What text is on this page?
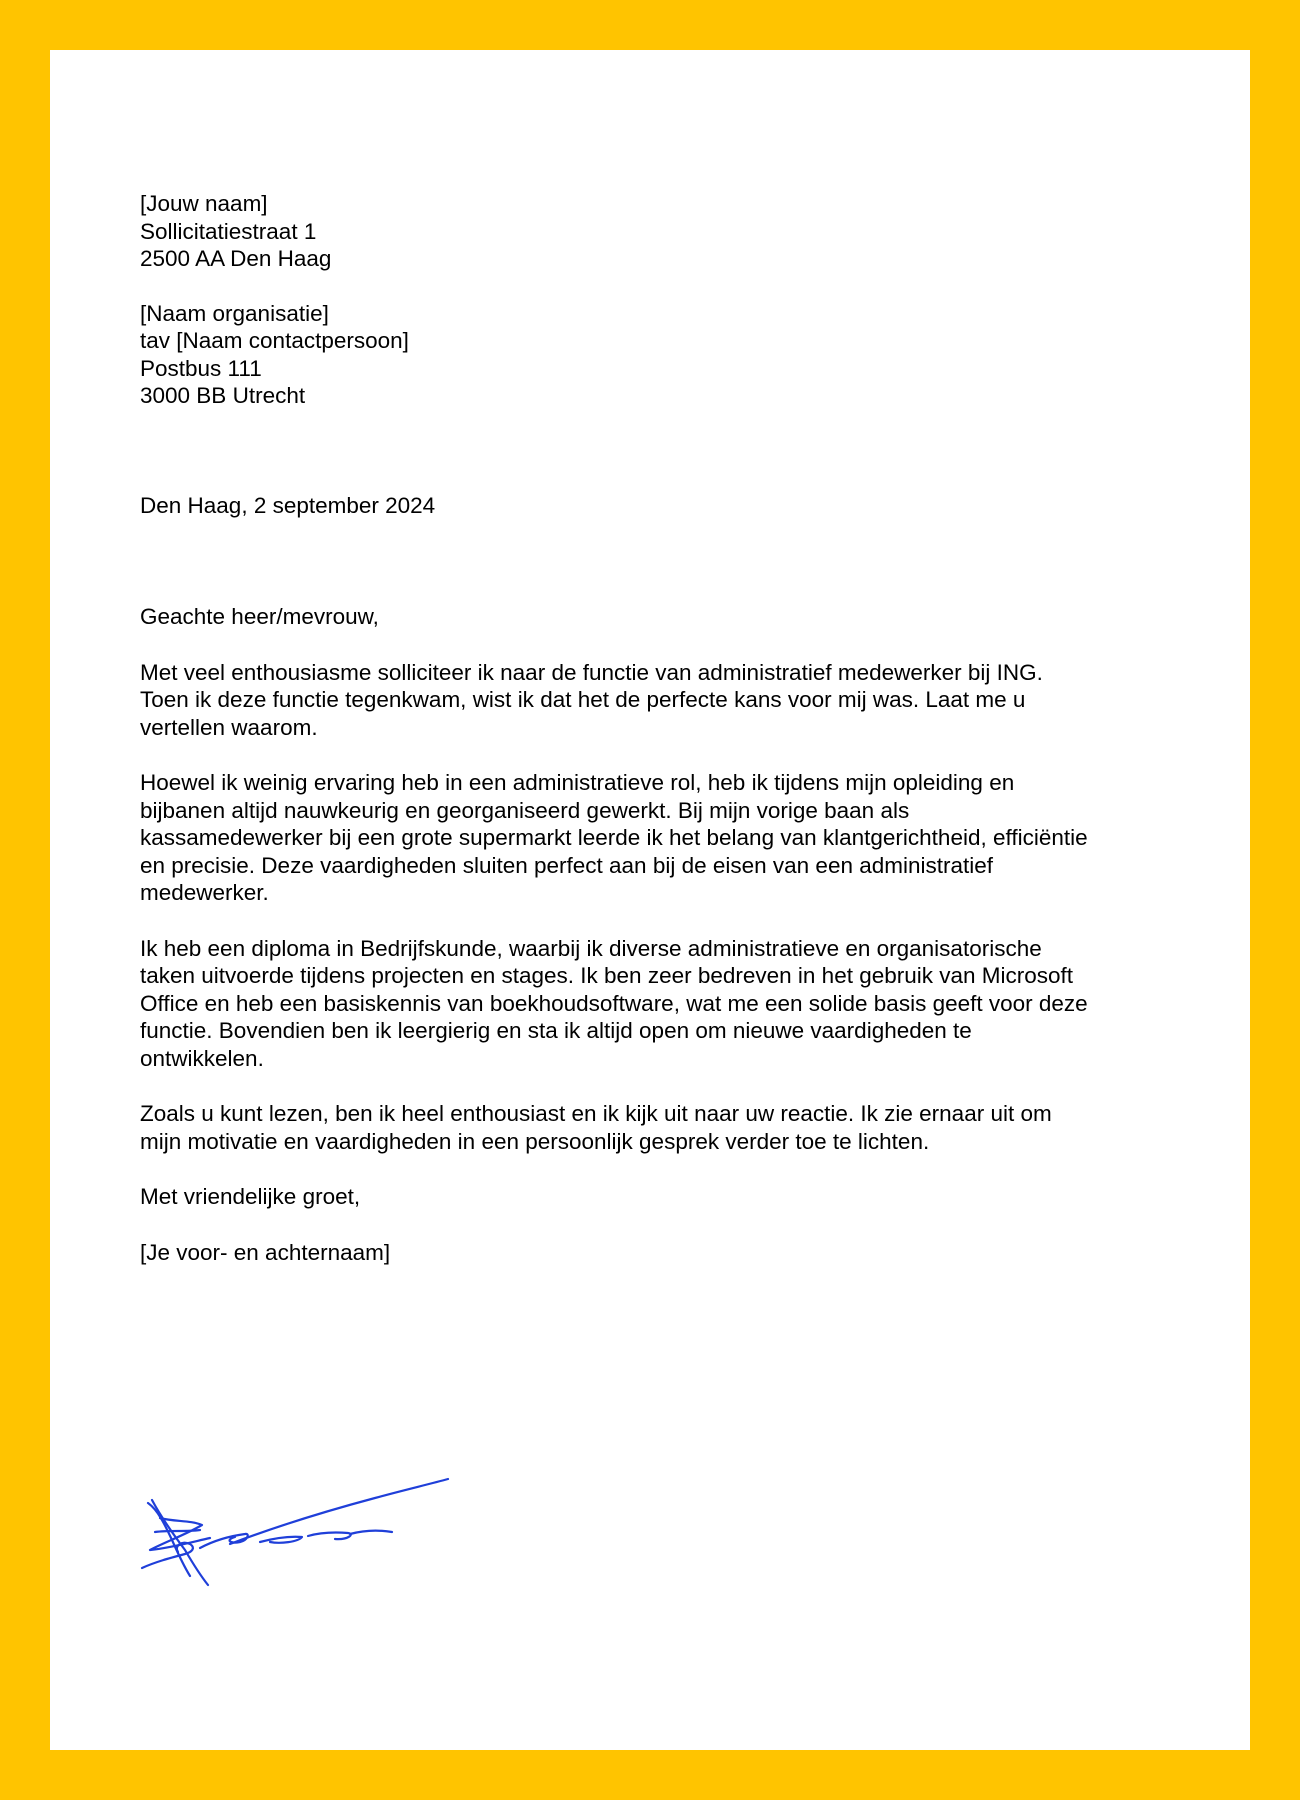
[Jouw naam]
Sollicitatiestraat 1
2500 AA Den Haag
[Naam organisatie]
tav [Naam contactpersoon]
Postbus 111
3000 BB Utrecht

Den Haag, 2 september 2024

Geachte heer/mevrouw,

Met veel enthousiasme solliciteer ik naar de functie van administratief medewerker bij ING.
Toen ik deze functie tegenkwam, wist ik dat het de perfecte kans voor mij was. Laat me u
vertellen waarom.

Hoewel ik weinig ervaring heb in een administratieve rol, heb ik tijdens mijn opleiding en
bijbanen altijd nauwkeurig en georganiseerd gewerkt. Bij mijn vorige baan als
kassamedewerker bij een grote supermarkt leerde ik het belang van klantgerichtheid, efficiëntie
en precisie. Deze vaardigheden sluiten perfect aan bij de eisen van een administratief
medewerker.

Ik heb een diploma in Bedrijfskunde, waarbij ik diverse administratieve en organisatorische
taken uitvoerde tijdens projecten en stages. Ik ben zeer bedreven in het gebruik van Microsoft
Office en heb een basiskennis van boekhoudsoftware, wat me een solide basis geeft voor deze
functie. Bovendien ben ik leergierig en sta ik altijd open om nieuwe vaardigheden te
ontwikkelen.

Zoals u kunt lezen, ben ik heel enthousiast en ik kijk uit naar uw reactie. Ik zie ernaar uit om
mijn motivatie en vaardigheden in een persoonlijk gesprek verder toe te lichten.

Met vriendelijke groet,

[Je voor- en achternaam]
